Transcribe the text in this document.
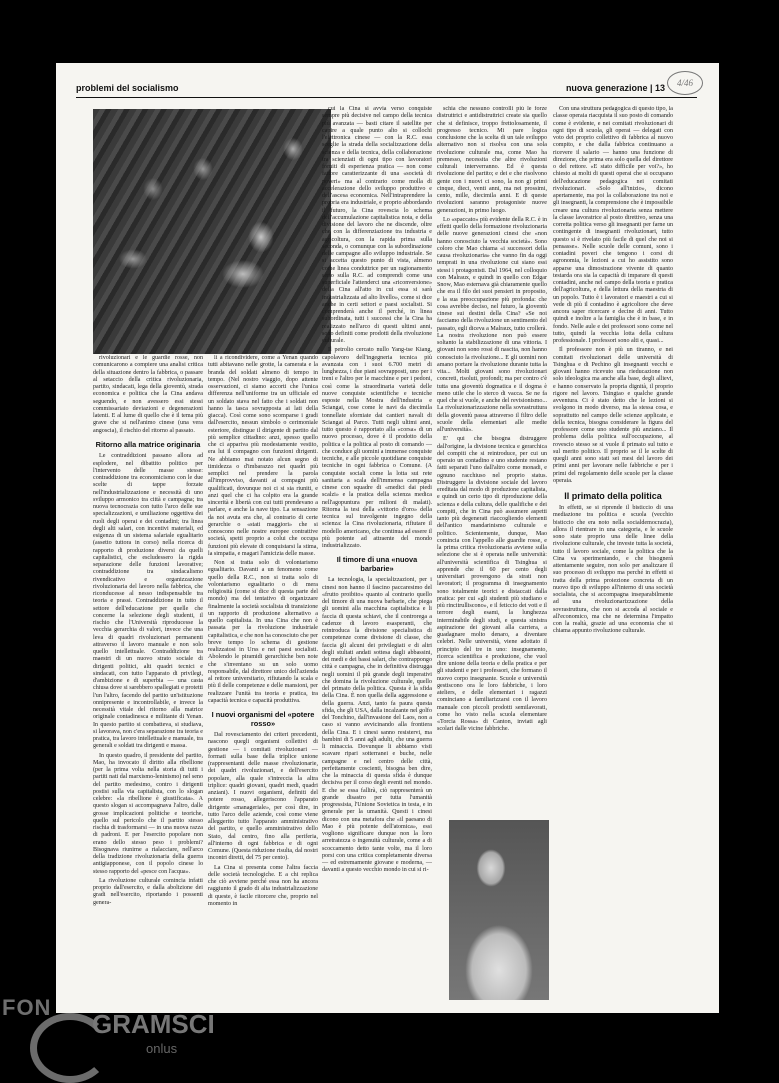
problemi del socialismo	nuova generazione | 13	4/46

rivoluzionari e le guardie rosse, non comunicarono a compiere una analisi critica della situazione dentro la fabbrica, o passare al setaccio della critica rivoluzionaria, partito, sindacati, lega della gioventù, strada economica e politica che la Cina andava seguendo, e non avessero essi stessi commissariato deviazioni e degenerazioni latenti. E al lume di quello che è il tema più grave che si nell'animo cinese (una vera angoscia), il rischio del ritorno al passato.

Ritorno alla matrice originaria

Le contraddizioni passano allora ad esplodere, nel dibattito politico per l'intervento delle masse stesse: contraddizione tra economicismo con le due scelte di tappe forzate nell'industrializzazione e necessità di uno sviluppo armonico tra città e campagna; tra nuova tecnocrazia con tutto l'arco delle sue specializzazioni, e umiliazione oggettiva dei ruoli degli operai e dei contadini; tra linea degli alti salari, con incentivi materiali, ed esigenza di un sistema salariale egualitario (assetto tuttora in corso) nella ricerca di rapporto di produzione diversi da quelli capitalistici, che escludessero la rigida separazione delle funzioni lavorative; contraddizione tra sindacalismo rivendicativo e organizzazione rivoluzionaria del lavoro nella fabbrica, che riconducesse al nesso indispensabile tra teoria e prassi. Contraddizione in tutto il settore dell'educazione per quelle che concerne la selezione degli studenti, il rischio che l'Università riproducesse la vecchia gerarchia di valori, invece che una leva di quadri rivoluzionari permanenti attraverso il lavoro manuale e non solo quello intellettuale. Contraddizione tra maestri di un nuovo strato sociale di dirigenti politici, alti quadri tecnici e sindacati, con tutto l'apparato di privilegi, d'ambizione e di superbia — una casta chiusa dove si sarebbero spallegiati e protetti l'un l'altro, facendo del partito un'istituzione onnipresente e incontrollabile, e invece la necessità vitale del ritorno alla matrice originale contadinesca e militante di Yenan. In questo partito si combatteva, si studiava, si lavorava, non c'era separazione tra teoria e pratica, tra lavoro intellettuale e manuale, tra generali e soldati tra dirigenti e massa.

In questo quadro, il presidente del partito, Mao, ha invocato il diritto alla ribellione (per la prima volta nella storia di tutti i partiti nati dal marxismo-leninismo) nel seno del partito medesimo, contro i dirigenti postisi sulla via capitalista, con lo slogan celebre: «la ribellione è giustificata». A questo slogan si accompagnava l'altro, dalle grosse implicazioni politiche e teoriche, quello sul pericolo che il partito stesso rischia di trasformarsi — in una nuova razza di padroni. E per l'esercito popolare non erano dello stesso peso i problemi? Bisognava riunirne a rialacciare, nell'arco della tradizione rivoluzionaria della guerra antigiapponese, con il popolo cinese lo stesso rapporto del «pesce con l'acqua».

La rivoluzione culturale comincia infatti proprio dall'esercito, e dalla abolizione dei gradi nell'esercito, riportando i possenti genera-

li a ricondividere, come a Yenan quando tutti abitavano nelle grotte, la camerata e la branda del soldati almeno di tempo in tempo. (Nel nostro viaggio, dopo attente osservazioni, ci siamo accorti che l'unica differenza nell'uniforme tra un ufficiale ed un soldato stava nel fatto che i soldati non hanno la tasca sovrapposta ai lati della giacca). Così come sono scomparse i gradi dall'esercito, nessun simbolo o cerimoniale esteriore, distingue il dirigente di partito dal più semplice cittadino: anzi, spesso quello che ci appariva più modestamente vestito, era lui il compagno con funzioni dirigenti. Ne abbiamo mai notato alcun segno di timidezza o d'imbarazzo nei quadri più semplici nel prendere la parola all'improvviso, davanti ai compagni più qualificati, dovunque noi ci si sia riuniti, e anzi quel che ci ha colpito era la grande sincerità e libertà con cui tutti prendevano a parlare, e anche la nave tipo. La sensazione da noi avuta era che, al contrario di certe gerarchie o «stati maggiori» che si conoscono nelle nostre europee contrattive società, spetti proprio a colui che occupa funzioni più elevate di conquistarsi la stima, la simpatia, e magari l'amicizia delle masse.

Non si tratta solo di volontarismo egualitario. Davanti a un fenomeno come quello della R.C., non si tratta solo di volontarismo egualitario o di mera religiosità (come si dice di questa parte del mondo) ma del tentativo di organizzare finalmente la società socialista di transizione un rapporto di produzione alternativo a quello capitalista. In una Cina che non è passata per la rivoluzione industriale capitalistica, e che non ha conosciuto che per breve tempo lo schema di gestione realizzatosi in Urss e nei paesi socialisti. Abolendo le piramidi gerarchiche ben note che s'inventano su un solo uomo responsabile, dal direttore unico dell'azienda al rettore universitario, rifiutando la scala e più il delle competenze e delle mansioni, per realizzare l'unità tra teoria e pratica, tra capacità tecnica e capacità produttiva.

I nuovi organismi del «potere rosso»

Dal rovesciamento dei criteri precedenti, nascono quegli organismi collettivi di gestione — i comitati rivoluzionari — formati sulla base della triplice unione (rappresentanti delle masse rivoluzionarie, dei quadri rivoluzionari, e dell'esercito popolare, alla quale s'intreccia la altra triplice: quadri giovani, quadri medi, quadri anziani). I nuovi organismi, definiti del potere rosso, allegeriscono l'apparato dirigente «manageriale», per così dire, in tutto l'arco delle aziende, così come viene alleggerito tutto l'apparato amministrativo del partito, e quello amministrativo dello Stato, dal centro, fino alla periferia, all'interno di ogni fabbrica e di ogni Comune. (Questa riduzione risulta, dal nostri incontri diretti, del 75 per cento).

La Cina si presenta come l'altra faccia delle società tecnologiche. E a chi replica che ciò avviene perché essa non ha ancora raggiunto il grado di alta industrializzazione di queste, è facile ritorcere che, proprio nel momento in

cui la Cina si avvia verso conquiste sempre più decisive nel campo della tecnica più avanzata — basti citare il satellite per capire a quale punto alto si collochi l'elettronica cinese — con la R.C. essa sceglie la strada della socializzazione della scienza e della tecnica, della collaborazione tra scienziati di ogni tipo con lavoratori forniti di esperienza pratica — non come fattore caratterizzante di una «società di poveri» ma al contrario come molla di accelerazione dello sviluppo produttivo e dell'ascesa economica. Nell'intraprendere la propria era industriale, e proprio abbordando il futuro, la Cina rovescia lo schema dell'accumulazione capitalistica nota, e della divisione del lavoro che ne discende, oltre che con la differenziazione tra industria e agricoltura, con la rapida prima sulla seconda, o comunque con la subordinazione delle campagne allo sviluppo industriale. Se si accetta questo punto di vista, almeno come linea conduttrice per un ragionamento serio sulla R.C. ad comprendi come una superficiale l'attenderci una «riconversione» della Cina all'atto in cui essa si sarà industrializzata ad alto livello», come si dice anche in certi settori e paesi socialisti. Si comprenderà anche il perché, in linea subordinata, tutti i successi che la Cina ha realizzato nell'arco di questi ultimi anni, sono definiti come prodotti della rivoluzione culturale.

Il petrolio cercato nullo Yang-tse Kiang, capolavoro dell'ingegneria tecnica più avanzata con i suoi 6.700 metri di lunghezza, i due piani sovrapposti, uno per i treni e l'altro per le macchine e per i pedoni, così come la straordinaria varietà delle nuove conquiste scientifiche e tecniche esposte nella Mostra dell'industria e Sciangai, cose come le navi da diecimila tonnellate sforniate dai cantieri navali di Sciangai al Parco. Tutti negli ultimi anni, tutto questo è rapportato alla «corsa» di un nuovo processo, dove è il prodotto della politica e la politica al posto di comando — che conduce gli uomini a immense conquiste tecniche, e alle piccole quotidiane conquiste tecniche in ogni fabbrica o Comune. (A conquiste sociali come la lotta sui rete sanitaria a scala dell'immensa campagna cinese con squadre di «medici dai piedi scalzi» e la pratica della scienza medica nell'agopuntura per milioni di malati). Ritorna la tesi della «vittorio d'oro» della tecnica sul travolgente ingegno della scienza: la Cina rivoluzionaria, rifiutare il modello americano, che continua ad essere il più potente ad attraente del mondo industrializzato.

Il timore di una «nuova barbarie»

La tecnologia, la specializzazioni, per i cinesi non hanno il fascino paccaresimo del «frutto proibito» quanto al contrario quello del timore di una nuova barbarie, che piega gli uomini alla macchina capitalistica e li faccia di questa schiavi, che il controrega a cadenze di lavoro esasperanti, che reintroduca la divisione specialistica di competenze come divisione di classe, che faccia gli alcuni dei privilegiati e di altri degli stultati andati sottesa dagli abbassini, dei medi e dei bassi salari, che contrappongo città e campagna, che in definitiva distrugga negli uomini il più grande degli imperativi che domina la rivoluzione culturale, quello del primato della politica. Questa è la sfida della Cina. È non quella della aggressione e della guerra. Anzi, tanto fa paura questa sfida, che gli USA, dalla incalzante nel golfo del Tonchino, dall'invasione del Laos, non a caso si vanno avvicinando alla frontiera della Cina. E i cinesi sanno resistervi, ma bambini di 5 anni agli adulti, che una guerra li minaccia. Dovunque li abbiamo visti scavare ripari sotterranei e buche, nelle campagne e nel centro delle città, perfettamente coscienti, bisogna ben dire, che la minaccia di questa sfida è dunque decisiva per il corso degli eventi nel mondo. E che se essa fallirà, ciò rappresenterà un grande disastro per tutta l'umanità progressista, l'Unione Sovietica in testa, e in generale per la umanità. Questi i cinesi dicono con una metafora che «il paesano di Mao è più potente dell'atomica», essi vogliono significare dunque non la loro arretratezza o ingenuità culturale, come a di scoccamento detto tante volte, ma il loro porsi con una critica completamente diversa — ed estremamente giovane e moderna, — davanti a questo vecchio mondo in cui si ri-

schia che nessuno controlli più le forze distruttrici e antidistruttrici create sia quello che si definisce, troppo frettolosamente, il progresso tecnico. Mi pare logica conclusione che la scelta di un tale sviluppo alternativo non si risolva con una sola rivoluzione culturale ma, come Mao ha premesso, necessita che altre rivoluzioni culturali interverranno. Ed è questa rivoluzione del partito; e dei e che risolvono gente con i nuovi ci sono, la non gi primi cinque, dieci, venti anni, ma nei prossimi, cento, mille, diecimila anni. E di queste rivoluzioni saranno protagoniste nuove generazioni, in primo luogo.

Lo «spaccato» più evidente della R.C. è in effetti quello della formazione rivoluzionaria delle nuove generazioni cinesi che «non hanno conosciuto la vecchia società». Sono coloro che Mao chiama «i successori della causa rivoluzionaria» che vanno fin da oggi temprati in una rivoluzione cui siano essi stessi i protagonisti. Dal 1964, nel colloquio con Malraux, e quindi in quello con Edgar Snow, Mao esternava già chiaramente quello che era il filo dei suoi pensieri in proposito, e la sua preoccupazione più profonda: che cosa avrebbe deciso, nel futuro, la gioventù cinese sui destini della Cina? «Se noi facciamo della rivoluzione un sentimento del passato, egli diceva a Malraux, tutto crollerà. La nostra rivoluzione non può essere soltanto la stabilizzazione di una vittoria. I giovani non sono rossi di nascita, non hanno conosciuto la rivoluzione... E gli uomini non amano portare la rivoluzione durante tutta la vita... Molti giovani sono rivoluzionari concreti, risoluti, profondi; ma per contro c'è tutta una gioventù dogmatica e il dogma è meno utile che lo sterco di vacca. Se ne fa quel che si vuole, e anche del revisionismo... La rivoluzionarizzazione nella sovrastruttura della gioventù passa attraverso il filtro delle scuole della elementari alle medie all'università».

E' qui che bisogna distruggere dall'origine, la divisione tecnica e gerarchica del compiti che si reintroduce, per cui un operaio un contadino e uno studente restano fatti separati l'uno dall'altro come monadi, e ognuno racchiuso nel proprio status. Distruggere la divisione sociale del lavoro ereditata dal modo di produzione capitalista, e quindi un certo tipo di riproduzione della scienza e della cultura, delle qualifiche e dei compiti, che in Cina può assumere aspetti tanto più degenerati riaccogliendo elementi dell'antico mandarinismo culturale e politico. Scientemente, dunque, Mao comincia con l'appello alle guardie rosse, e la prima critica rivoluzionaria avviene sulla selezione che si è operata nelle università: all'università scientifica di Tsinghua si apprende che il 60 per cento degli universitari provengono da strati non lavoratori; il programma di insegnamento sono totalmente teorici e distaccati dalla pratica: per cui «gli studenti più studiano e più rincitrulliscono», e il feticcio dei voti e il terrore degli esami, la lunghezza interminabile degli studi, e questa sinistra aspirazione dei giovani alla carriera, a guadagnare molto denaro, a diventare celebri. Nelle università, viene adottato il principio del tre in uno: insegnamento, ricerca scientifica e produzione, che vuol dire unione della teoria e della pratica e per gli studenti e per i professori, che formano il nuovo corpo insegnante. Scuole e università gestiscono ora le loro fabbriche, i loro ateliers, e delle elementari i ragazzi cominciano a familiarizzarsi con il lavoro manuale con piccoli prodotti semilavorati, come ho visto nella scuola elementare «Torcia Rossa» di Canton, inviati agli scolari dalle vicine fabbriche.

Con una struttura pedagogica di questo tipo, la classe operaia riacquista il suo posto di comando come è evidente, e nei comitati rivoluzionari di ogni tipo di scuola, gli operai — delegati con voto dei proprio collettivo di fabbrica al nuovo compito, e che dalla fabbrica continuano a ricevere il salario — hanno una funzione di direzione, che prima era solo quella del direttore o del rettore. «E stato difficile per voi?», ho chiesto ai molti di questi operai che si occupano dell'educazione pedagogica nei comitati rivoluzionari. «Solo all'inizio», dicono apertamente, ma poi la collaborazione tra noi e gli insegnanti, la comprensione che è impossibile creare una cultura rivoluzionaria senza mettere la classe lavoratrice al posto direttivo, senza una corretta politica verso gli insegnanti per farne un contingente di insegnanti rivoluzionari, tutto questo si è rivelato più facile di quel che noi si pensasse». Nelle scuole delle comuni, sono i contadini poveri che tengono i corsi di agronomia, le lezioni a cui ho assistito sono apparse una dimostrazione vivente di quanto testarda ora sia la capacità di imparare di questi contadini, anche nel campo della teoria e pratica dell'agricoltura, e della lettura della maestria di un popolo. Tutto è i lavoratori e maestri a cui si vede di più il contadino è agricoltore che deve ancora saper ricercare e decine di anni. Tutto quindi e inoltre a la famiglia che è in base, e in fondo. Nelle aule e dei professori sono come nel tutto, quindi la vecchia lotta della cultura professionale. I professori sono alti e, quasi...

Il professore non è più un tiranno, e nei comitati rivoluzionari delle università di Tsinghua e di Pechino gli insegnanti vecchi e giovani hanno ricevuto una rieducazione non solo ideologica ma anche alla base, degli allievi, e hanno conservato la propria dignità, il proprio rigore nel lavoro. Tsingtao e qualche grande avventura. Ci è stato detto che le lezioni si svolgono in modo diverso, ma la stessa cosa, e soprattutto nel campo delle scienze applicate, e della tecnica, bisogna considerare la figura del professore come uno studente più anziano... Il problema della politica sull'occupazione, al rovescio stesso se si vuole il primato sul tutto e sul merito politico. Il proprio se il le scelte di quegli anni sono stati sei mesi del lavoro dei primi anni per lavorare nelle fabbriche e per i primi del regolamento delle scuole per la classe operaia.

Il primato della politica

In effetti, se si riprende il bisticcio di una mediazione tra politica e scuola (vecchio bisticcio che era noto nella socialdemocrazia), allora il rientrare in una categoria, e le scuole sono state proprio una delle linee della rivoluzione culturale, che investe tutta la società, tutto il lavoro sociale, come la politica che la Cina va sperimentando, e che bisognerà attentamente seguire, non solo per analizzare il suo processo di sviluppo ma perché in effetti si tratta della prima proiezione concreta di un nuovo tipo di sviluppo all'interno di una società socialista, che si accompagna inseparabilmente ad una rivoluzionarizzazione della sovrastruttura, che non si accoda al sociale e all'economico, ma che ne determina l'impatto con la realtà, grazie ad una economia che si chiama appunto rivoluzione culturale.

FON
GRAMSCI
onlus
